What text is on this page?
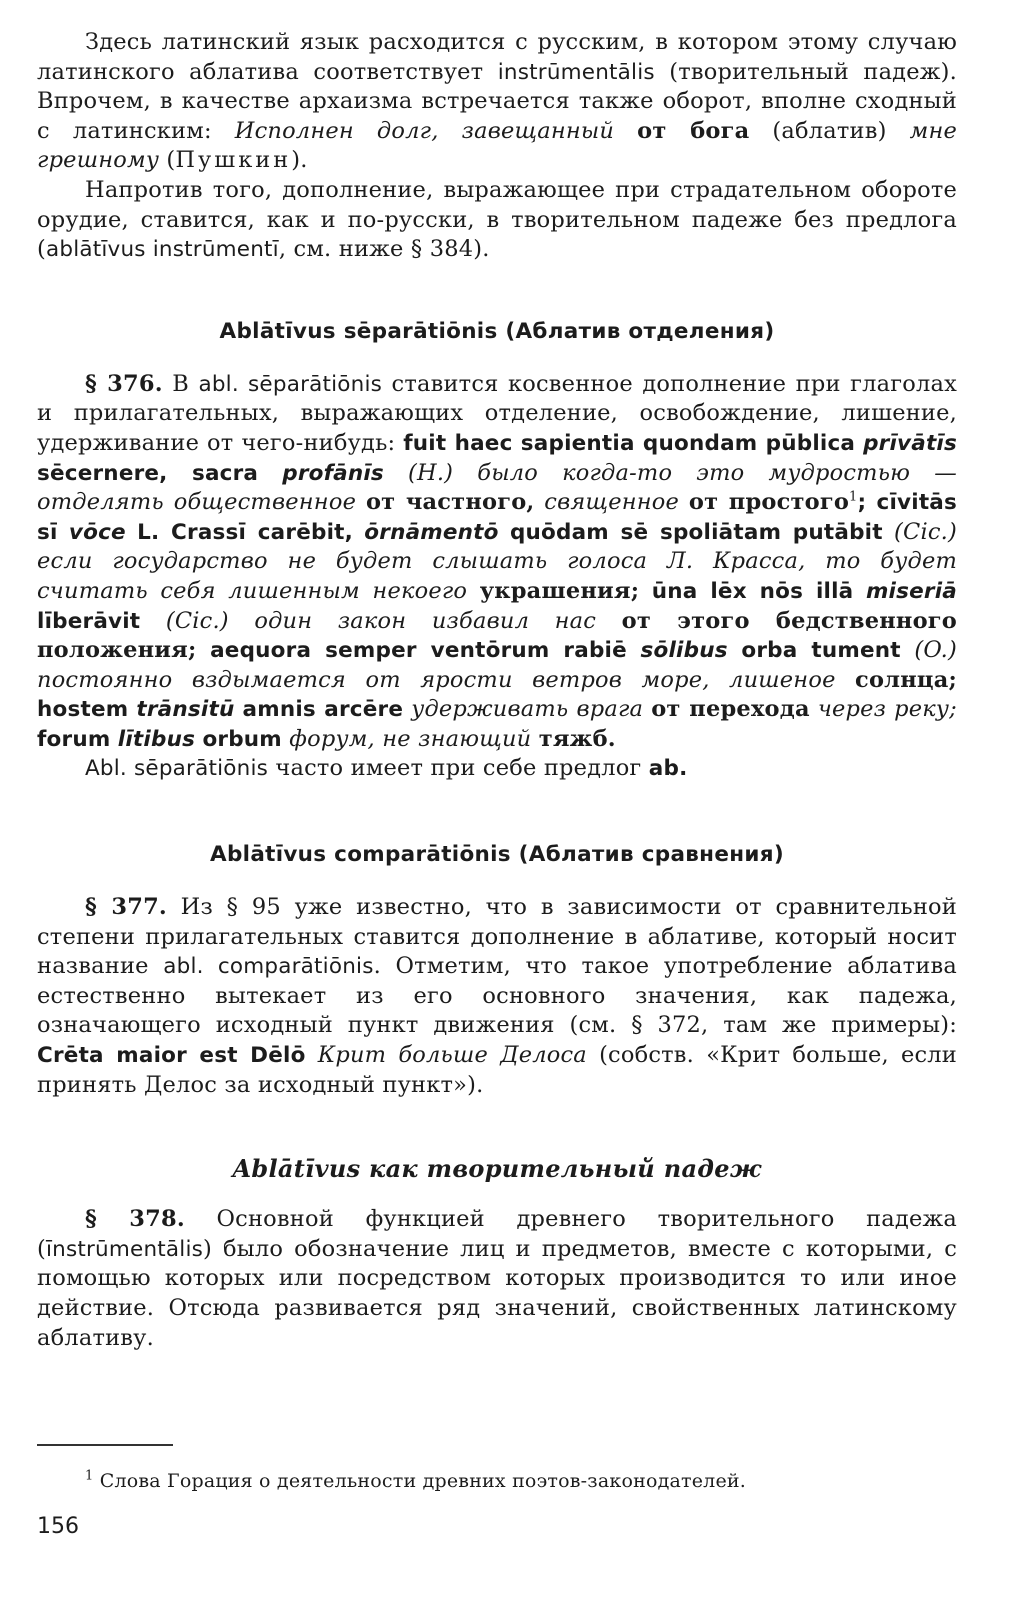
Здесь латинский язык расходится с русским, в котором этому случаю латинского аблатива соответствует instrūmentālis (творительный падеж). Впрочем, в качестве архаизма встречается также оборот, вполне сходный с латинским: Исполнен долг, завещанный от бога (аблатив) мне грешному (Пушкин).

Напротив того, дополнение, выражающее при страдательном обороте орудие, ставится, как и по-русски, в творительном падеже без предлога (ablātīvus instrūmentī, см. ниже § 384).

Ablātīvus sēparātiōnis (Аблатив отделения)

§ 376. В abl. sēparātiōnis ставится косвенное дополнение при глаголах и прилагательных, выражающих отделение, освобождение, лишение, удерживание от чего-нибудь: fuit haec sapientia quondam pūblica prīvātīs sēcernere, sacra profānīs (H.) было когда-то это мудростью — отделять общественное от частного, священное от простого$^1$; cīvitās sī vōce L. Crassī carēbit, ōrnāmentō quōdam sē spoliātam putābit (Cic.) если государство не будет слышать голоса Л. Красса, то будет считать себя лишенным некоего украшения; ūna lēx nōs illā miseriā līberāvit (Cic.) один закон избавил нас от этого бедственного положения; aequora semper ventōrum rabiē sōlibus orba tument (O.) постоянно вздымается от ярости ветров море, лишеное солнца; hostem trānsitū amnis arcēre удерживать врага от перехода через реку; forum lītibus orbum форум, не знающий тяжб.

Abl. sēparātiōnis часто имеет при себе предлог ab.

Ablātīvus comparātiōnis (Аблатив сравнения)

§ 377. Из § 95 уже известно, что в зависимости от сравнительной степени прилагательных ставится дополнение в аблативе, который носит название abl. comparātiōnis. Отметим, что такое употребление аблатива естественно вытекает из его основного значения, как падежа, означающего исходный пункт движения (см. § 372, там же примеры): Crēta maior est Dēlō Крит больше Делоса (собств. «Крит больше, если принять Делос за исходный пункт»).

Ablātīvus как творительный падеж

§ 378. Основной функцией древнего творительного падежа (īnstrūmentālis) было обозначение лиц и предметов, вместе с которыми, с помощью которых или посредством которых производится то или иное действие. Отсюда развивается ряд значений, свойственных латинскому аблативу.

$^1$ Слова Горация о деятельности древних поэтов-законодателей.

156
